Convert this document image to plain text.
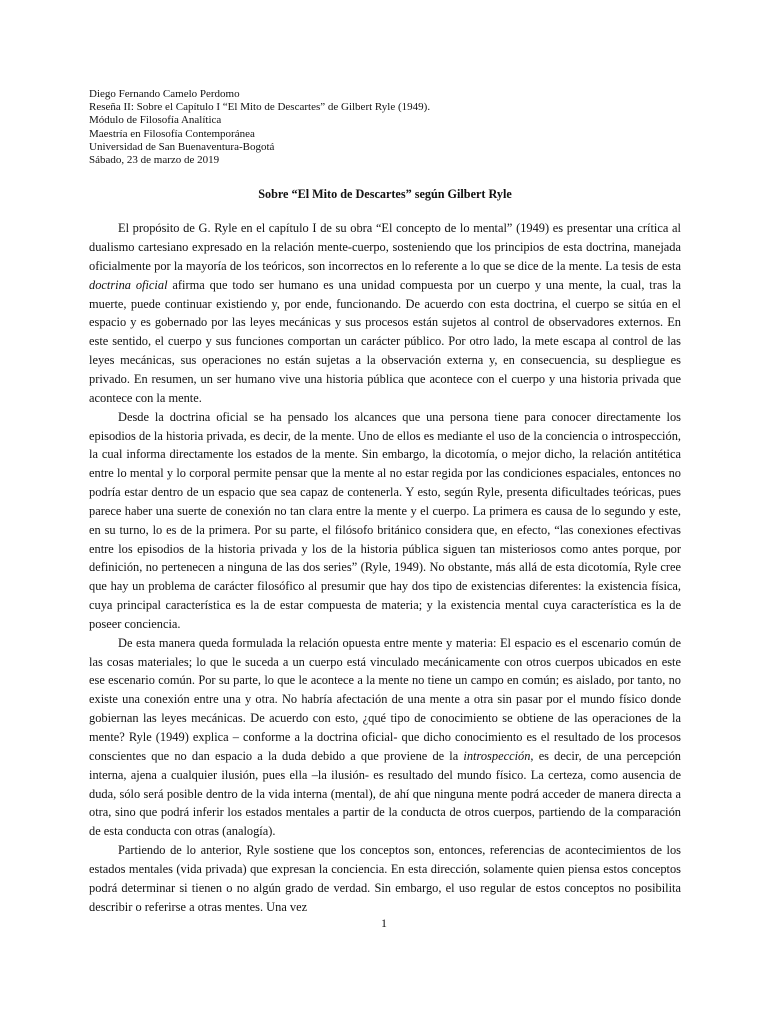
Diego Fernando Camelo Perdomo
Reseña II: Sobre el Capítulo I “El Mito de Descartes” de Gilbert Ryle (1949).
Módulo de Filosofía Analítica
Maestría en Filosofía Contemporánea
Universidad de San Buenaventura-Bogotá
Sábado, 23 de marzo de 2019
Sobre “El Mito de Descartes” según Gilbert Ryle

El propósito de G. Ryle en el capítulo I de su obra “El concepto de lo mental” (1949) es presentar una crítica al dualismo cartesiano expresado en la relación mente-cuerpo, sosteniendo que los principios de esta doctrina, manejada oficialmente por la mayoría de los teóricos, son incorrectos en lo referente a lo que se dice de la mente. La tesis de esta doctrina oficial afirma que todo ser humano es una unidad compuesta por un cuerpo y una mente, la cual, tras la muerte, puede continuar existiendo y, por ende, funcionando. De acuerdo con esta doctrina, el cuerpo se sitúa en el espacio y es gobernado por las leyes mecánicas y sus procesos están sujetos al control de observadores externos. En este sentido, el cuerpo y sus funciones comportan un carácter público. Por otro lado, la mete escapa al control de las leyes mecánicas, sus operaciones no están sujetas a la observación externa y, en consecuencia, su despliegue es privado. En resumen, un ser humano vive una historia pública que acontece con el cuerpo y una historia privada que acontece con la mente.

Desde la doctrina oficial se ha pensado los alcances que una persona tiene para conocer directamente los episodios de la historia privada, es decir, de la mente. Uno de ellos es mediante el uso de la conciencia o introspección, la cual informa directamente los estados de la mente. Sin embargo, la dicotomía, o mejor dicho, la relación antitética entre lo mental y lo corporal permite pensar que la mente al no estar regida por las condiciones espaciales, entonces no podría estar dentro de un espacio que sea capaz de contenerla. Y esto, según Ryle, presenta dificultades teóricas, pues parece haber una suerte de conexión no tan clara entre la mente y el cuerpo. La primera es causa de lo segundo y este, en su turno, lo es de la primera. Por su parte, el filósofo británico considera que, en efecto, “las conexiones efectivas entre los episodios de la historia privada y los de la historia pública siguen tan misteriosos como antes porque, por definición, no pertenecen a ninguna de las dos series” (Ryle, 1949). No obstante, más allá de esta dicotomía, Ryle cree que hay un problema de carácter filosófico al presumir que hay dos tipo de existencias diferentes: la existencia física, cuya principal característica es la de estar compuesta de materia; y la existencia mental cuya característica es la de poseer conciencia.

De esta manera queda formulada la relación opuesta entre mente y materia: El espacio es el escenario común de las cosas materiales; lo que le suceda a un cuerpo está vinculado mecánicamente con otros cuerpos ubicados en este ese escenario común. Por su parte, lo que le acontece a la mente no tiene un campo en común; es aislado, por tanto, no existe una conexión entre una y otra. No habría afectación de una mente a otra sin pasar por el mundo físico donde gobiernan las leyes mecánicas. De acuerdo con esto, ¿qué tipo de conocimiento se obtiene de las operaciones de la mente? Ryle (1949) explica – conforme a la doctrina oficial- que dicho conocimiento es el resultado de los procesos conscientes que no dan espacio a la duda debido a que proviene de la introspección, es decir, de una percepción interna, ajena a cualquier ilusión, pues ella –la ilusión- es resultado del mundo físico. La certeza, como ausencia de duda, sólo será posible dentro de la vida interna (mental), de ahí que ninguna mente podrá acceder de manera directa a otra, sino que podrá inferir los estados mentales a partir de la conducta de otros cuerpos, partiendo de la comparación de esta conducta con otras (analogía).

Partiendo de lo anterior, Ryle sostiene que los conceptos son, entonces, referencias de acontecimientos de los estados mentales (vida privada) que expresan la conciencia. En esta dirección, solamente quien piensa estos conceptos podrá determinar si tienen o no algún grado de verdad. Sin embargo, el uso regular de estos conceptos no posibilita describir o referirse a otras mentes. Una vez

1
